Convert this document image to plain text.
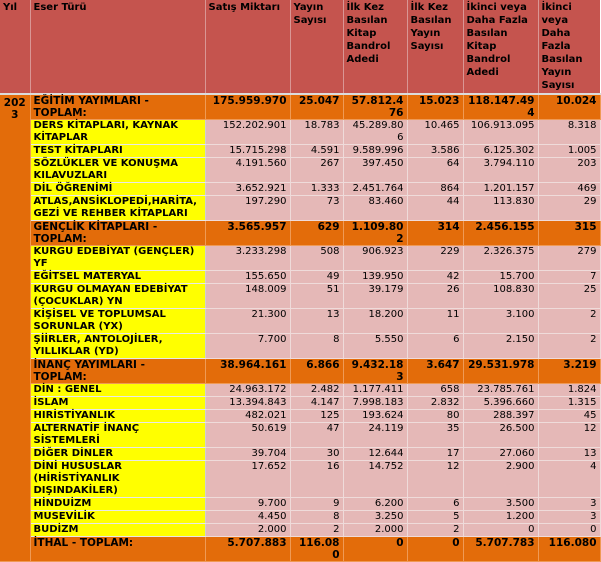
Yıl	Eser Türü	Satış Miktarı	Yayın Sayısı	İlk Kez Basılan Kitap Bandrol Adedi	İlk Kez Basılan Yayın Sayısı	İkinci veya Daha Fazla Basılan Kitap Bandrol Adedi	İkinci veya Daha Fazla Basılan Yayın Sayısı
2023	EĞİTİM YAYIMLARI - TOPLAM:	175.959.970	25.047	57.812.476	15.023	118.147.494	10.024
	DERS KİTAPLARI, KAYNAK KİTAPLAR	152.202.901	18.783	45.289.806	10.465	106.913.095	8.318
	TEST KİTAPLARI	15.715.298	4.591	9.589.996	3.586	6.125.302	1.005
	SÖZLÜKLER VE KONUŞMA KILAVUZLARI	4.191.560	267	397.450	64	3.794.110	203
	DİL ÖĞRENİMİ	3.652.921	1.333	2.451.764	864	1.201.157	469
	ATLAS,ANSİKLOPEDİ,HARİTA,GEZİ VE REHBER KİTAPLARI	197.290	73	83.460	44	113.830	29
	GENÇLİK KİTAPLARI - TOPLAM:	3.565.957	629	1.109.802	314	2.456.155	315
	KURGU EDEBİYAT (GENÇLER) YF	3.233.298	508	906.923	229	2.326.375	279
	EĞİTSEL MATERYAL	155.650	49	139.950	42	15.700	7
	KURGU OLMAYAN EDEBİYAT (ÇOCUKLAR) YN	148.009	51	39.179	26	108.830	25
	KİŞİSEL VE TOPLUMSAL SORUNLAR (YX)	21.300	13	18.200	11	3.100	2
	ŞİİRLER, ANTOLOJİLER, YILLIKLAR (YD)	7.700	8	5.550	6	2.150	2
	İNANÇ YAYIMLARI - TOPLAM:	38.964.161	6.866	9.432.183	3.647	29.531.978	3.219
	DİN : GENEL	24.963.172	2.482	1.177.411	658	23.785.761	1.824
	İSLAM	13.394.843	4.147	7.998.183	2.832	5.396.660	1.315
	HIRİSTİYANLIK	482.021	125	193.624	80	288.397	45
	ALTERNATİF İNANÇ SİSTEMLERİ	50.619	47	24.119	35	26.500	12
	DİĞER DİNLER	39.704	30	12.644	17	27.060	13
	DİNİ HUSUSLAR (HİRİSTİYANLIK DIŞINDAKİLER)	17.652	16	14.752	12	2.900	4
	HİNDUİZM	9.700	9	6.200	6	3.500	3
	MUSEVİLİK	4.450	8	3.250	5	1.200	3
	BUDİZM	2.000	2	2.000	2	0	0
	İTHAL - TOPLAM:	5.707.883	116.080	0	0	5.707.783	116.080
